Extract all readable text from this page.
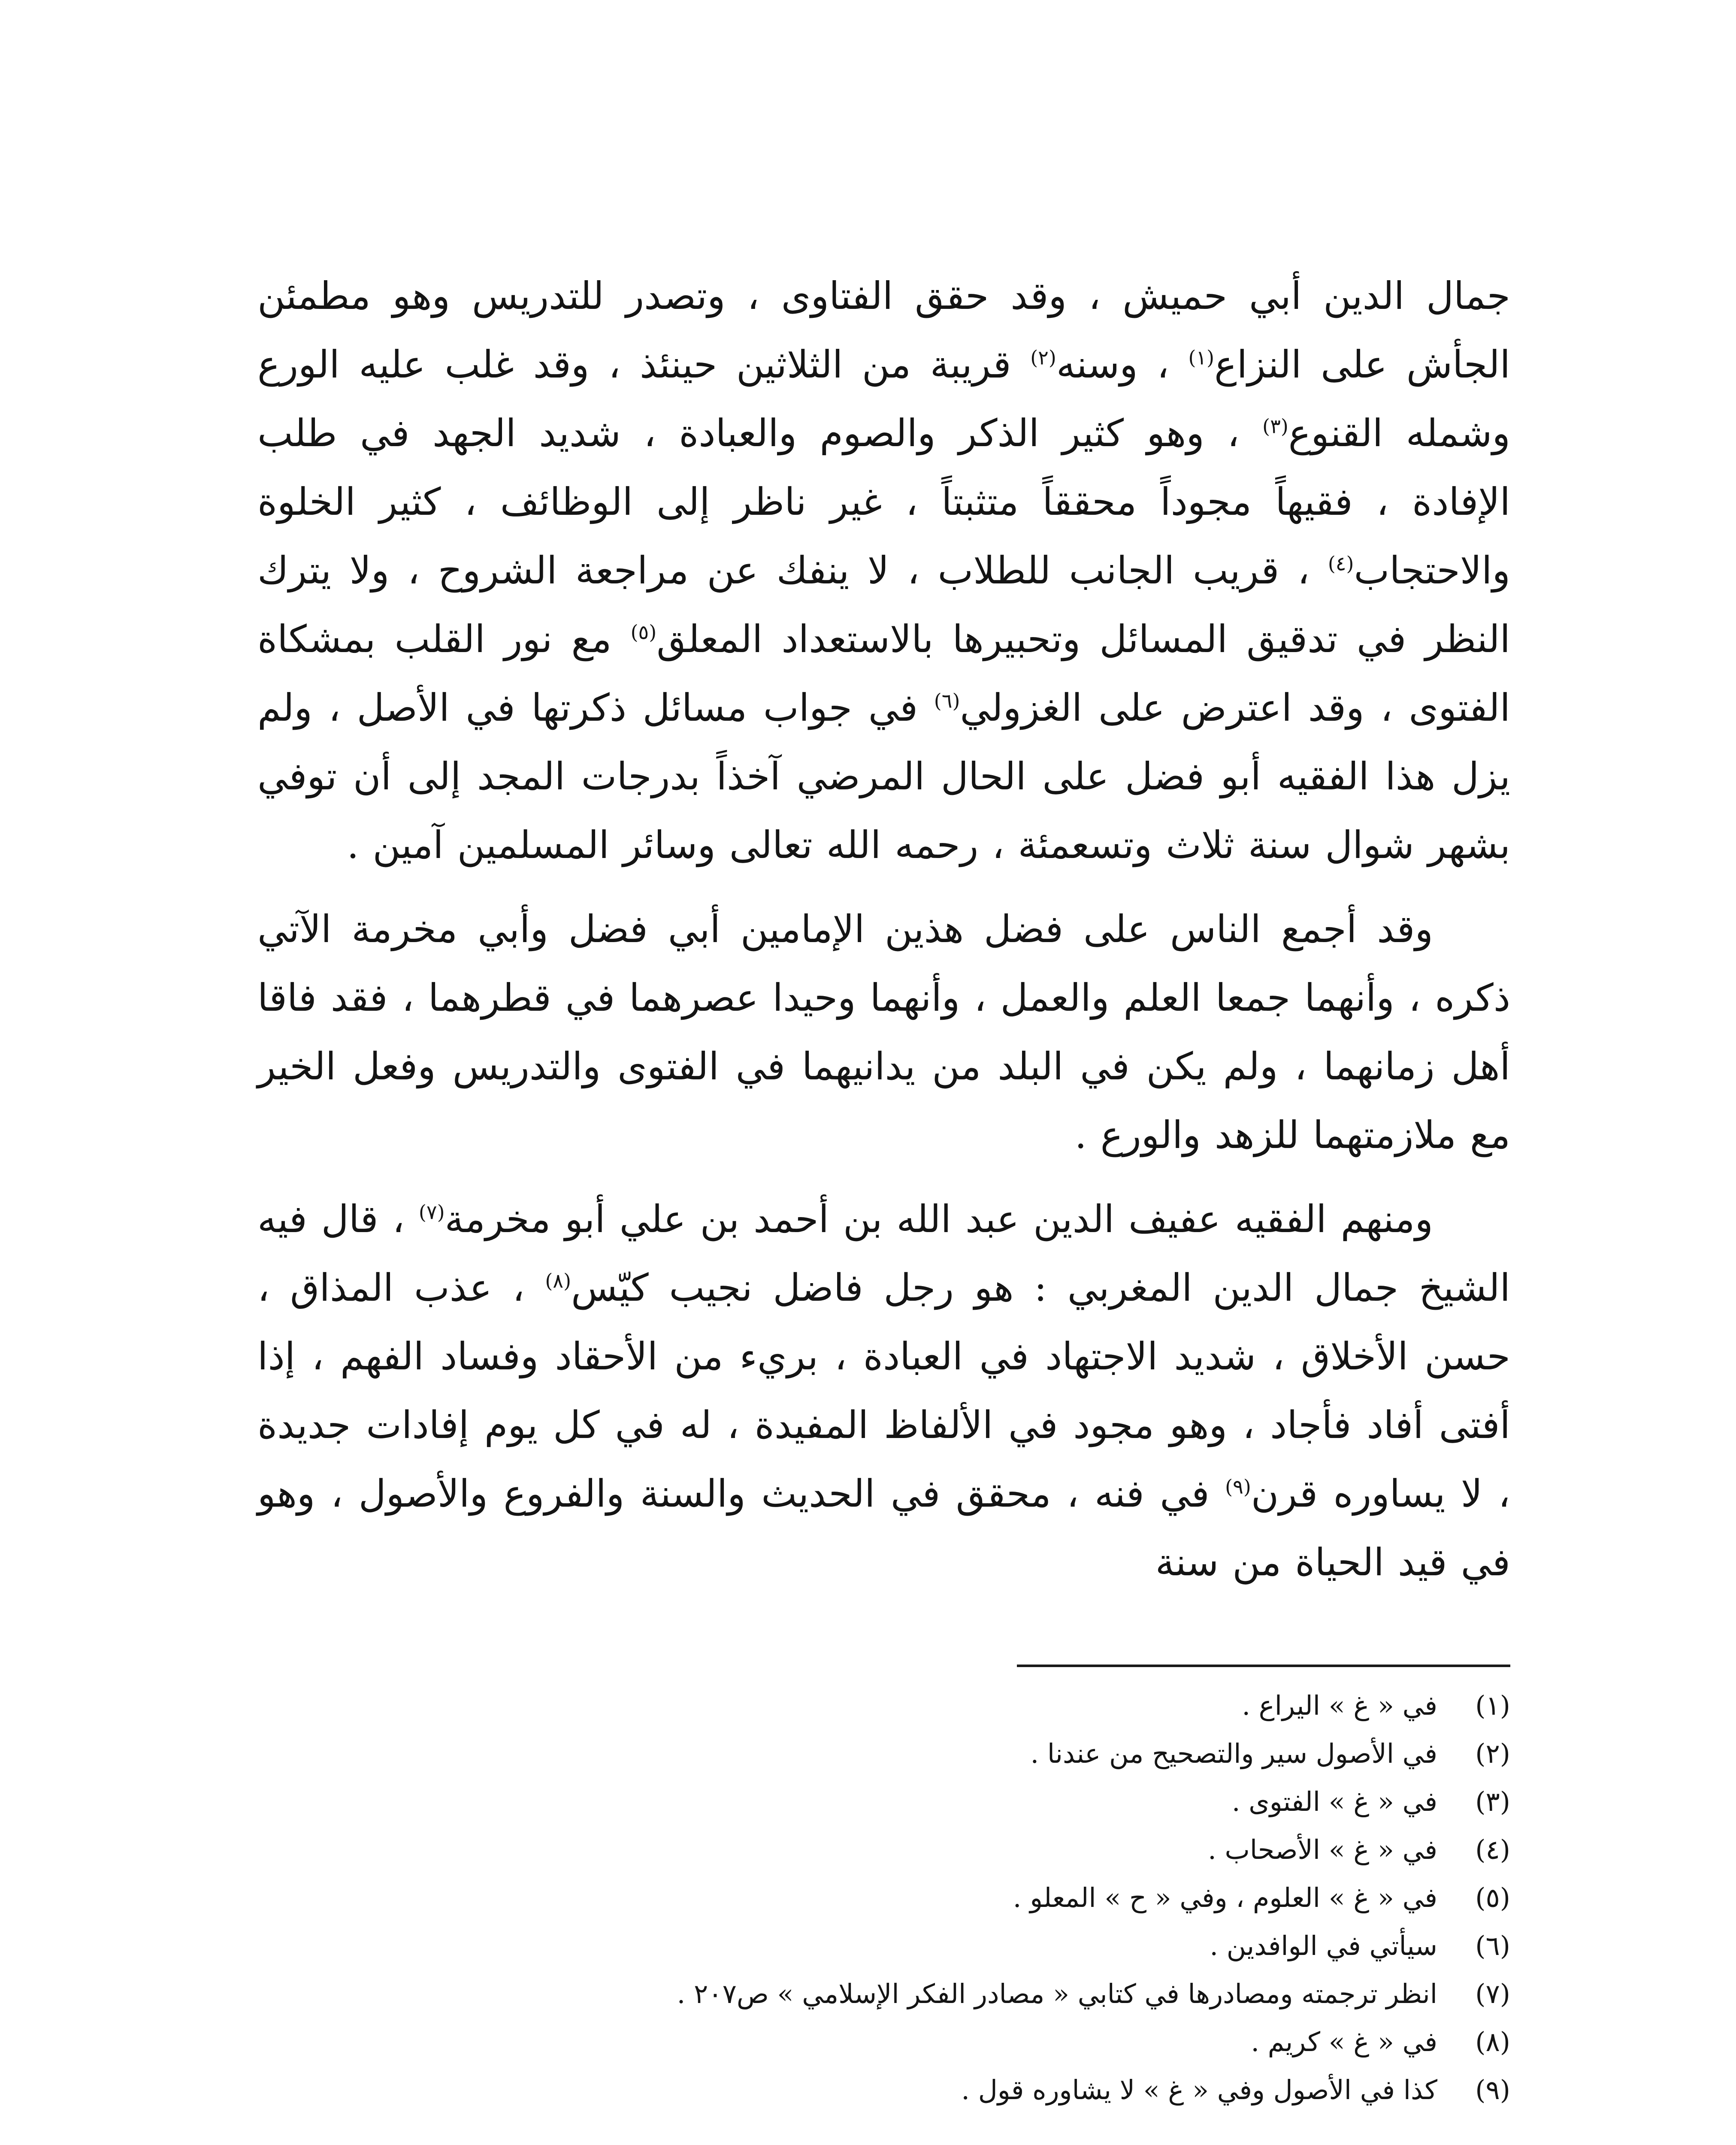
جمال الدين أبي حميش ، وقد حقق الفتاوى ، وتصدر للتدريس وهو مطمئن الجأش على النزاع$^{(١)}$ ، وسنه$^{(٢)}$ قريبة من الثلاثين حينئذ ، وقد غلب عليه الورع وشمله القنوع$^{(٣)}$ ، وهو كثير الذكر والصوم والعبادة ، شديد الجهد في طلب الإفادة ، فقيهاً مجوداً محققاً متثبتاً ، غير ناظر إلى الوظائف ، كثير الخلوة والاحتجاب$^{(٤)}$ ، قريب الجانب للطلاب ، لا ينفك عن مراجعة الشروح ، ولا يترك النظر في تدقيق المسائل وتحبيرها بالاستعداد المعلق$^{(٥)}$ مع نور القلب بمشكاة الفتوى ، وقد اعترض على الغزولي$^{(٦)}$ في جواب مسائل ذكرتها في الأصل ، ولم يزل هذا الفقيه أبو فضل على الحال المرضي آخذاً بدرجات المجد إلى أن توفي بشهر شوال سنة ثلاث وتسعمئة ، رحمه الله تعالى وسائر المسلمين آمين .

وقد أجمع الناس على فضل هذين الإمامين أبي فضل وأبي مخرمة الآتي ذكره ، وأنهما جمعا العلم والعمل ، وأنهما وحيدا عصرهما في قطرهما ، فقد فاقا أهل زمانهما ، ولم يكن في البلد من يدانيهما في الفتوى والتدريس وفعل الخير مع ملازمتهما للزهد والورع .

ومنهم الفقيه عفيف الدين عبد الله بن أحمد بن علي أبو مخرمة$^{(٧)}$ ، قال فيه الشيخ جمال الدين المغربي : هو رجل فاضل نجيب كيّس$^{(٨)}$ ، عذب المذاق ، حسن الأخلاق ، شديد الاجتهاد في العبادة ، بريء من الأحقاد وفساد الفهم ، إذا أفتى أفاد فأجاد ، وهو مجود في الألفاظ المفيدة ، له في كل يوم إفادات جديدة ، لا يساوره قرن$^{(٩)}$ في فنه ، محقق في الحديث والسنة والفروع والأصول ، وهو في قيد الحياة من سنة

(١)
في « غ » اليراع .
(٢)
في الأصول سير والتصحيح من عندنا .
(٣)
في « غ » الفتوى .
(٤)
في « غ » الأصحاب .
(٥)
في « غ » العلوم ، وفي « ح » المعلو .
(٦)
سيأتي في الوافدين .
(٧)
انظر ترجمته ومصادرها في كتابي « مصادر الفكر الإسلامي » ص٢٠٧ .
(٨)
في « غ » كريم .
(٩)
كذا في الأصول وفي « غ » لا يشاوره قول .
